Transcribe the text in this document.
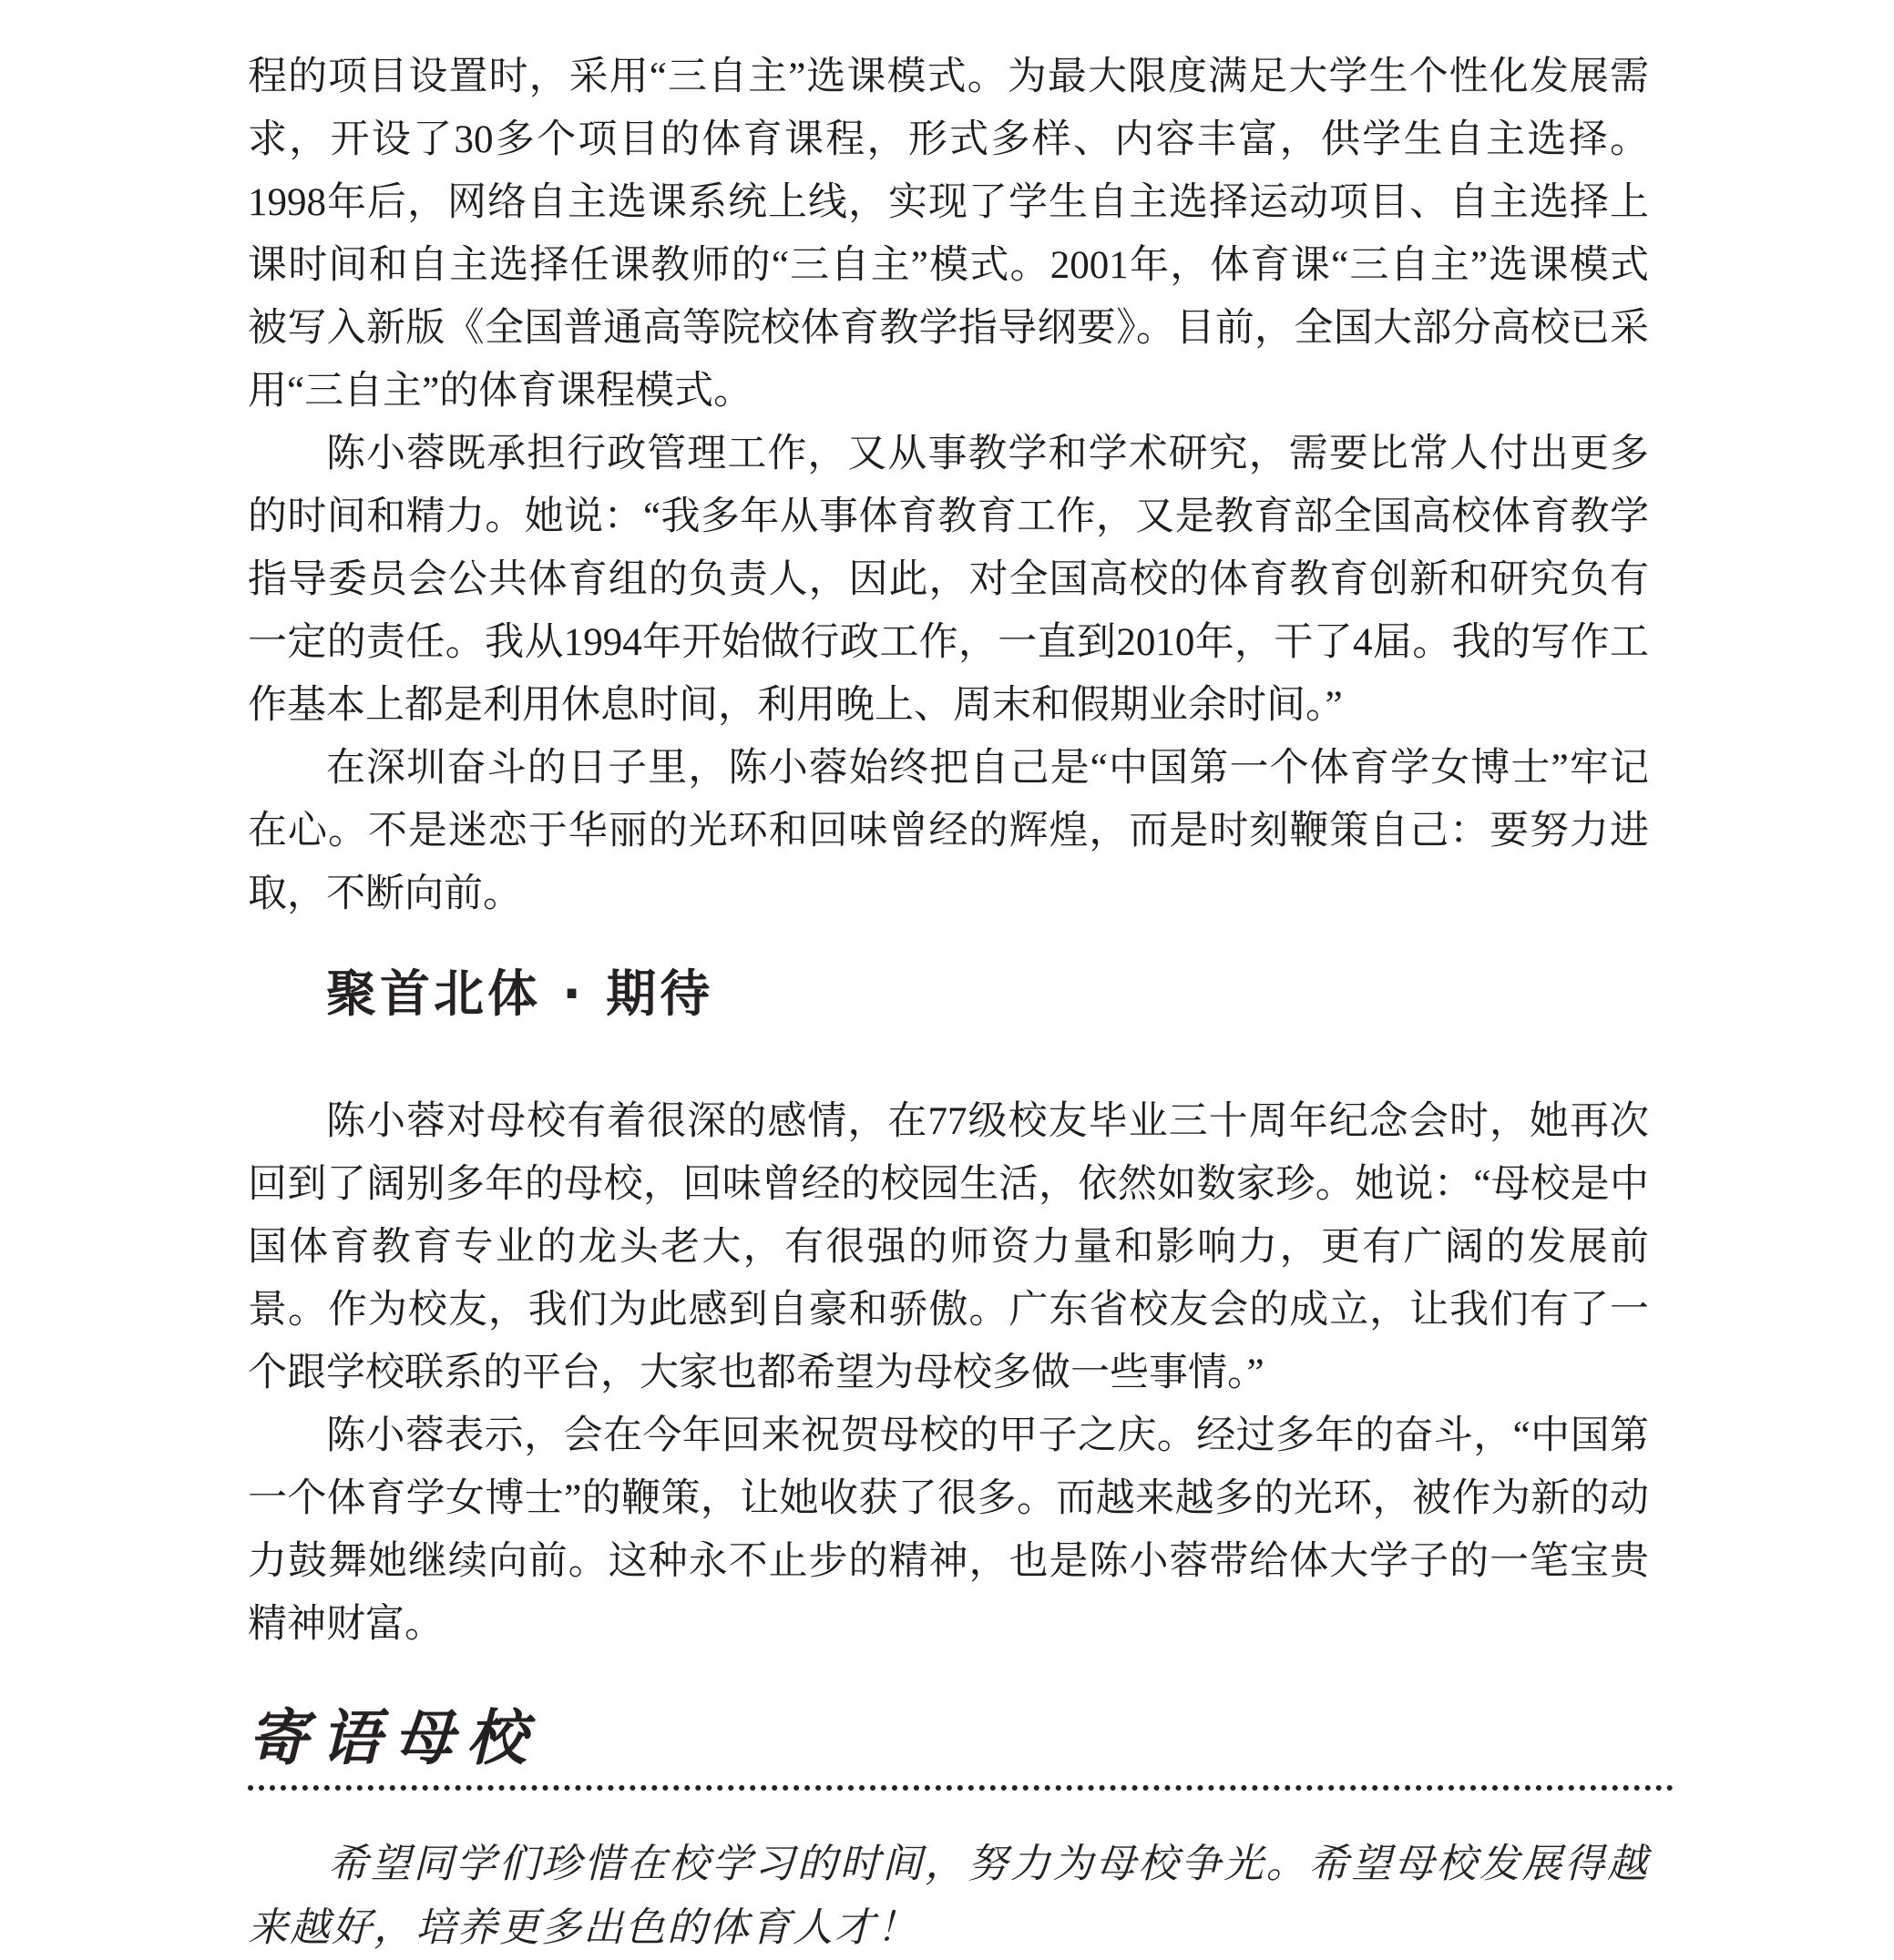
程的项目设置时，采用“三自主”选课模式。为最大限度满足大学生个性化发展需求，开设了30多个项目的体育课程，形式多样、内容丰富，供学生自主选择。1998年后，网络自主选课系统上线，实现了学生自主选择运动项目、自主选择上课时间和自主选择任课教师的“三自主”模式。2001年，体育课“三自主”选课模式被写入新版《全国普通高等院校体育教学指导纲要》。目前，全国大部分高校已采用“三自主”的体育课程模式。

陈小蓉既承担行政管理工作，又从事教学和学术研究，需要比常人付出更多的时间和精力。她说：“我多年从事体育教育工作，又是教育部全国高校体育教学指导委员会公共体育组的负责人，因此，对全国高校的体育教育创新和研究负有一定的责任。我从1994年开始做行政工作，一直到2010年，干了4届。我的写作工作基本上都是利用休息时间，利用晚上、周末和假期业余时间。”

在深圳奋斗的日子里，陈小蓉始终把自己是“中国第一个体育学女博士”牢记在心。不是迷恋于华丽的光环和回味曾经的辉煌，而是时刻鞭策自己：要努力进取，不断向前。

聚首北体 · 期待

陈小蓉对母校有着很深的感情，在77级校友毕业三十周年纪念会时，她再次回到了阔别多年的母校，回味曾经的校园生活，依然如数家珍。她说：“母校是中国体育教育专业的龙头老大，有很强的师资力量和影响力，更有广阔的发展前景。作为校友，我们为此感到自豪和骄傲。广东省校友会的成立，让我们有了一个跟学校联系的平台，大家也都希望为母校多做一些事情。”

陈小蓉表示，会在今年回来祝贺母校的甲子之庆。经过多年的奋斗，“中国第一个体育学女博士”的鞭策，让她收获了很多。而越来越多的光环，被作为新的动力鼓舞她继续向前。这种永不止步的精神，也是陈小蓉带给体大学子的一笔宝贵精神财富。

寄语母校

希望同学们珍惜在校学习的时间，努力为母校争光。希望母校发展得越来越好，培养更多出色的体育人才！
